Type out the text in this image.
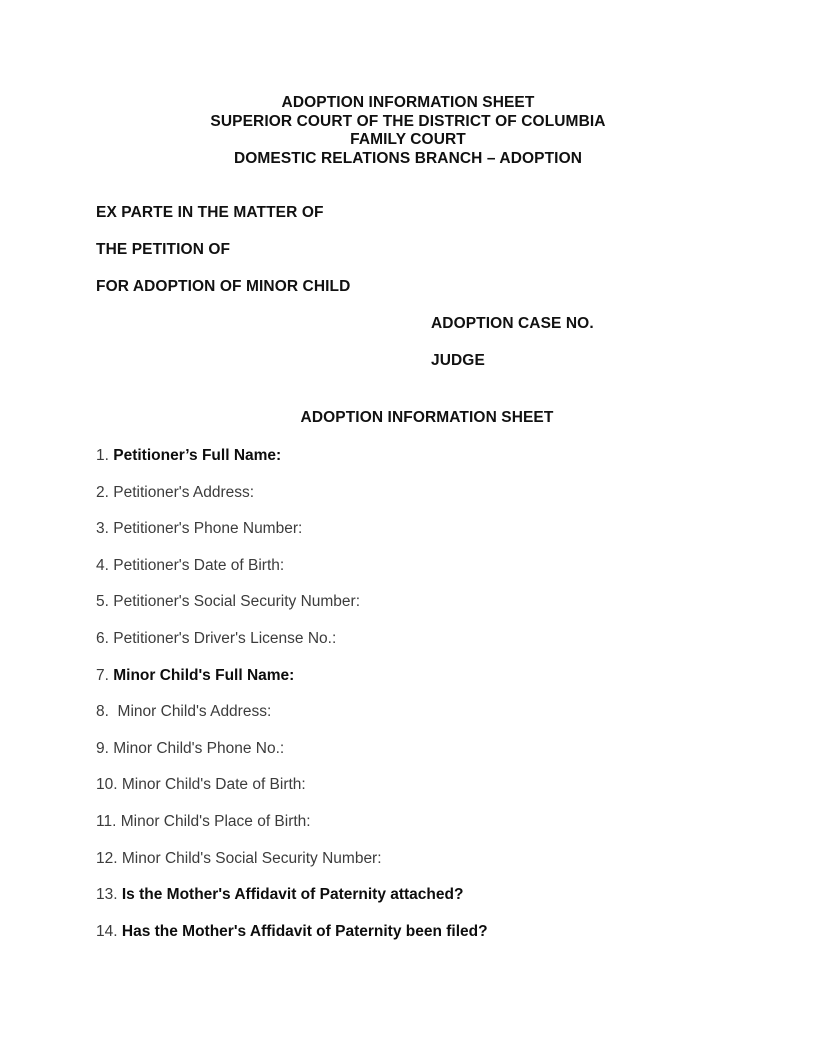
ADOPTION INFORMATION SHEET
SUPERIOR COURT OF THE DISTRICT OF COLUMBIA
FAMILY COURT
DOMESTIC RELATIONS BRANCH – ADOPTION
EX PARTE IN THE MATTER OF
THE PETITION OF
FOR ADOPTION OF MINOR CHILD
ADOPTION CASE NO.
JUDGE
ADOPTION INFORMATION SHEET
1. Petitioner’s Full Name:
2. Petitioner's Address:
3. Petitioner's Phone Number:
4. Petitioner's Date of Birth:
5. Petitioner's Social Security Number:
6. Petitioner's Driver's License No.:
7. Minor Child's Full Name:
8.  Minor Child's Address:
9. Minor Child's Phone No.:
10. Minor Child's Date of Birth:
11. Minor Child's Place of Birth:
12. Minor Child's Social Security Number:
13. Is the Mother's Affidavit of Paternity attached?
14. Has the Mother's Affidavit of Paternity been filed?
